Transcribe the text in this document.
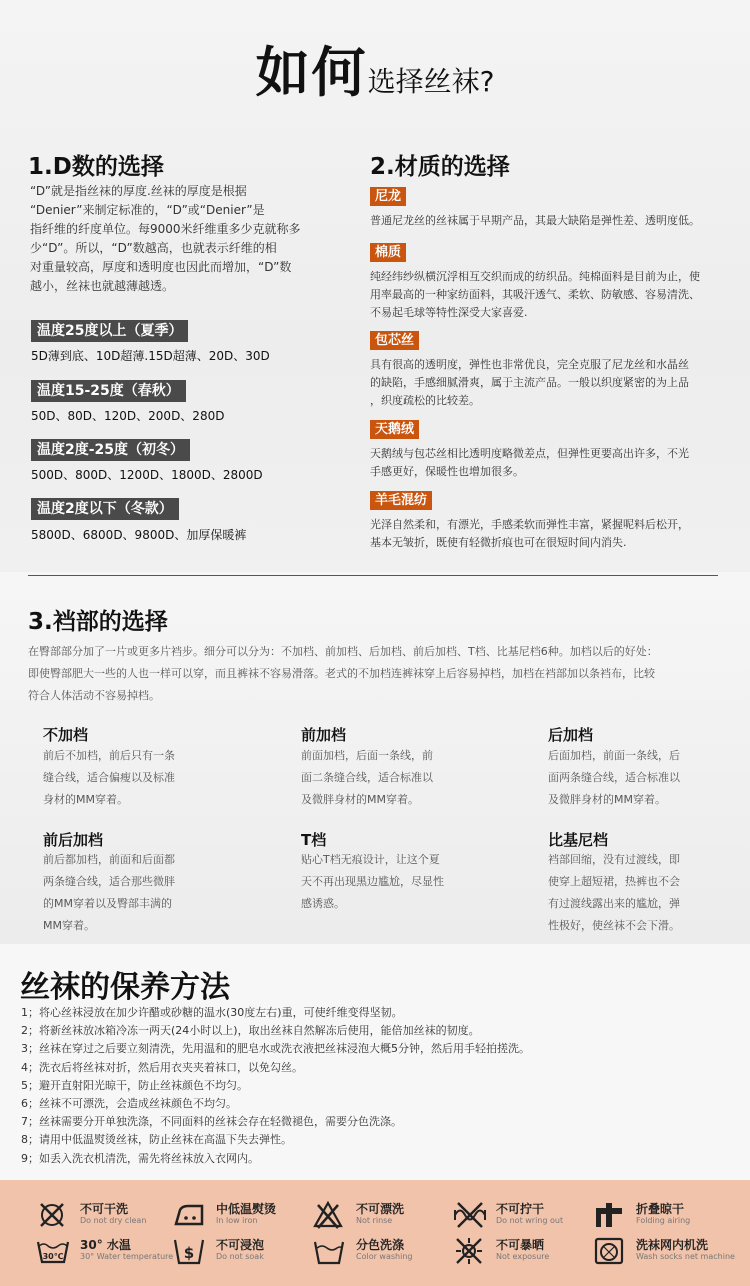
如何选择丝袜?
1.D数的选择
“D”就是指丝袜的厚度.丝袜的厚度是根据
“Denier”来制定标准的，“D”或“Denier”是
指纤维的纤度单位。每9000米纤维重多少克就称多
少“D”。所以，“D”数越高，也就表示纤维的相
对重量较高，厚度和透明度也因此而增加，“D”数
越小，丝袜也就越薄越透。
温度25度以上（夏季）
5D薄到底、10D超薄.15D超薄、20D、30D
温度15-25度（春秋）
50D、80D、120D、200D、280D
温度2度-25度（初冬）
500D、800D、1200D、1800D、2800D
温度2度以下（冬款）
5800D、6800D、9800D、加厚保暖裤
2.材质的选择
尼龙
普通尼龙丝的丝袜属于早期产品，其最大缺陷是弹性差、透明度低。
棉质
纯经纬纱纵横沉浮相互交织而成的纺织品。纯棉面料是目前为止，使
用率最高的一种家纺面料，其吸汗透气、柔软、防敏感、容易清洗、
不易起毛球等特性深受大家喜爱.
包芯丝
具有很高的透明度，弹性也非常优良，完全克服了尼龙丝和水晶丝
的缺陷，手感细腻滑爽，属于主流产品。一般以织度紧密的为上品
，织度疏松的比较差。
天鹅绒
天鹅绒与包芯丝相比透明度略微差点，但弹性更要高出许多，不光
手感更好，保暖性也增加很多。
羊毛混纺
光泽自然柔和，有漂光，手感柔软而弹性丰富，紧握呢料后松开，
基本无皱折，既使有轻微折痕也可在很短时间内消失.
3.裆部的选择
在臀部部分加了一片或更多片裆步。细分可以分为：不加档、前加档、后加档、前后加档、T档、比基尼档6种。加档以后的好处：
即使臀部肥大一些的人也一样可以穿，而且裤袜不容易滑落。老式的不加档连裤袜穿上后容易掉档，加档在裆部加以条裆布，比较
符合人体活动不容易掉档。
不加档
前后不加档，前后只有一条
缝合线，适合偏瘦以及标准
身材的MM穿着。
前加档
前面加档，后面一条线，前
面二条缝合线，适合标准以
及微胖身材的MM穿着。
后加档
后面加档，前面一条线，后
面两条缝合线，适合标准以
及微胖身材的MM穿着。
前后加档
前后都加档，前面和后面都
两条缝合线，适合那些微胖
的MM穿着以及臀部丰满的
MM穿着。
T档
贴心T档无痕设计，让这个夏
天不再出现黑边尴尬，尽显性
感诱惑。
比基尼档
裆部回缩，没有过渡线，即
使穿上超短裙，热裤也不会
有过渡线露出来的尴尬，弹
性极好，使丝袜不会下滑。
丝袜的保养方法
1；将心丝袜浸放在加少许醋或砂糖的温水(30度左右)重，可使纤维变得坚韧。
2；将新丝袜放冰箱冷冻一两天(24小时以上)，取出丝袜自然解冻后使用，能倍加丝袜的韧度。
3；丝袜在穿过之后要立刻清洗，先用温和的肥皂水或洗衣液把丝袜浸泡大概5分钟，然后用手轻拍搓洗。
4；洗衣后将丝袜对折，然后用衣夹夹着袜口，以免勾丝。
5；避开直射阳光晾干，防止丝袜颜色不均匀。
6；丝袜不可漂洗，会造成丝袜颜色不均匀。
7；丝袜需要分开单独洗涤，不同面料的丝袜会存在轻微褪色，需要分色洗涤。
8；请用中低温熨烫丝袜，防止丝袜在高温下失去弹性。
9；如丢入洗衣机清洗，需先将丝袜放入衣网内。
不可干洗
Do not dry clean
中低温熨烫
In low iron
不可漂洗
Not rinse
不可拧干
Do not wring out
折叠晾干
Folding airing
30℃
30° 水温
30° Water temperature $ 不可浸泡
Do not soak
分色洗涤
Color washing
不可暴晒
Not exposure
洗袜网内机洗
Wash socks net machine
